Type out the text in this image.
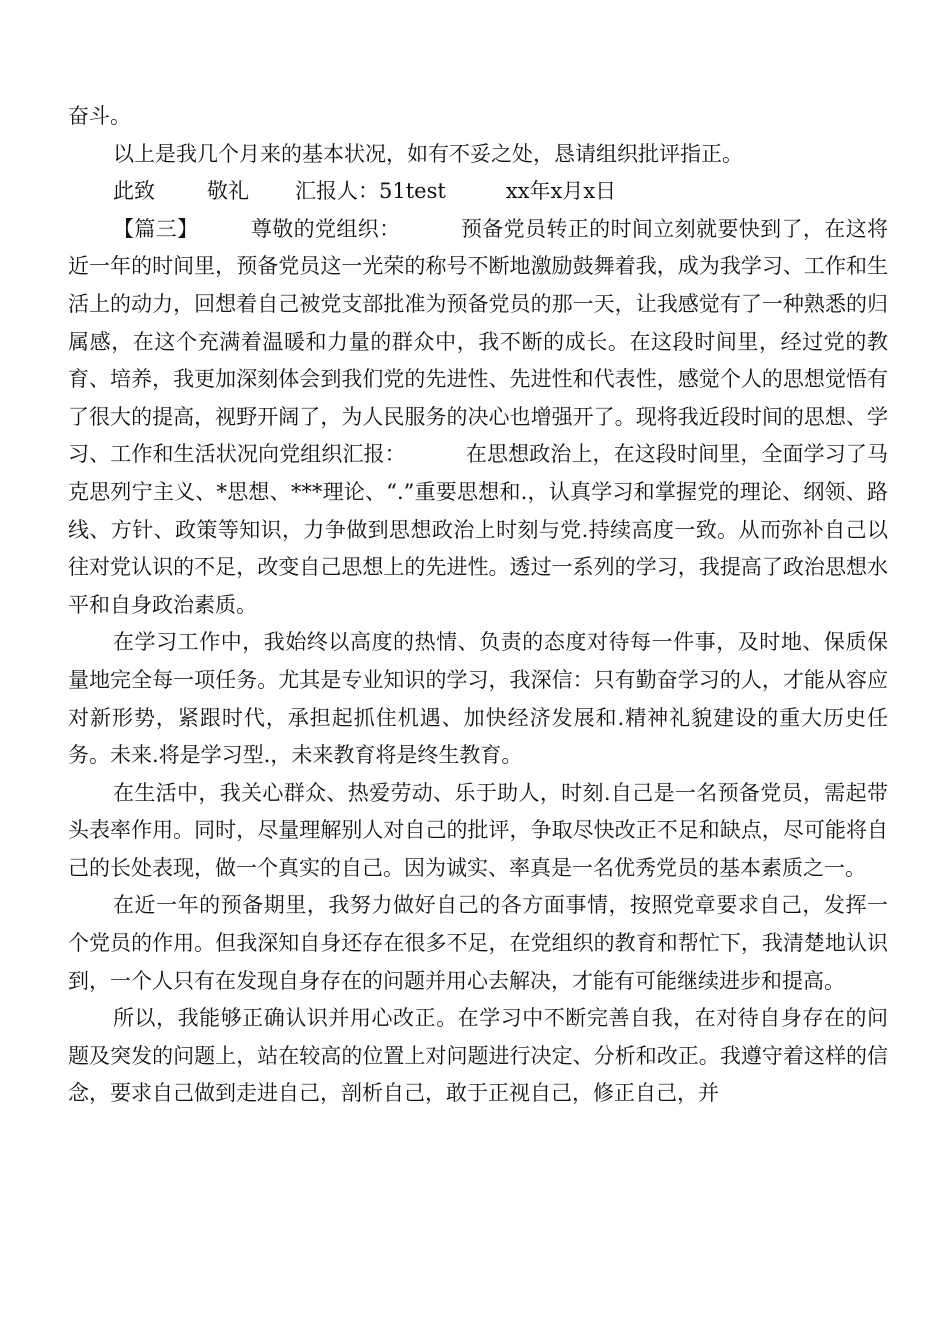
奋斗。

以上是我几个月来的基本状况，如有不妥之处，恳请组织批评指正。

此致 敬礼 汇报人：51test	xx年x月x日

【篇三】 尊敬的党组织：	预备党员转正的时间立刻就要快到了，在这将近一年的时间里，预备党员这一光荣的称号不断地激励鼓舞着我，成为我学习、工作和生活上的动力，回想着自己被党支部批准为预备党员的那一天，让我感觉有了一种熟悉的归属感，在这个充满着温暖和力量的群众中，我不断的成长。在这段时间里，经过党的教育、培养，我更加深刻体会到我们党的先进性、先进性和代表性，感觉个人的思想觉悟有了很大的提高，视野开阔了，为人民服务的决心也增强开了。现将我近段时间的思想、学习、工作和生活状况向党组织汇报：	在思想政治上，在这段时间里，全面学习了马克思列宁主义、*思想、***理论、“.”重要思想和.，认真学习和掌握党的理论、纲领、路线、方针、政策等知识，力争做到思想政治上时刻与党.持续高度一致。从而弥补自己以往对党认识的不足，改变自己思想上的先进性。透过一系列的学习，我提高了政治思想水平和自身政治素质。

在学习工作中，我始终以高度的热情、负责的态度对待每一件事，及时地、保质保量地完全每一项任务。尤其是专业知识的学习，我深信：只有勤奋学习的人，才能从容应对新形势，紧跟时代，承担起抓住机遇、加快经济发展和.精神礼貌建设的重大历史任务。未来.将是学习型.，未来教育将是终生教育。

在生活中，我关心群众、热爱劳动、乐于助人，时刻.自己是一名预备党员，需起带头表率作用。同时，尽量理解别人对自己的批评，争取尽快改正不足和缺点，尽可能将自己的长处表现，做一个真实的自己。因为诚实、率真是一名优秀党员的基本素质之一。

在近一年的预备期里，我努力做好自己的各方面事情，按照党章要求自己，发挥一个党员的作用。但我深知自身还存在很多不足，在党组织的教育和帮忙下，我清楚地认识到，一个人只有在发现自身存在的问题并用心去解决，才能有可能继续进步和提高。

所以，我能够正确认识并用心改正。在学习中不断完善自我，在对待自身存在的问题及突发的问题上，站在较高的位置上对问题进行决定、分析和改正。我遵守着这样的信念，要求自己做到走进自己，剖析自己，敢于正视自己，修正自己，并
